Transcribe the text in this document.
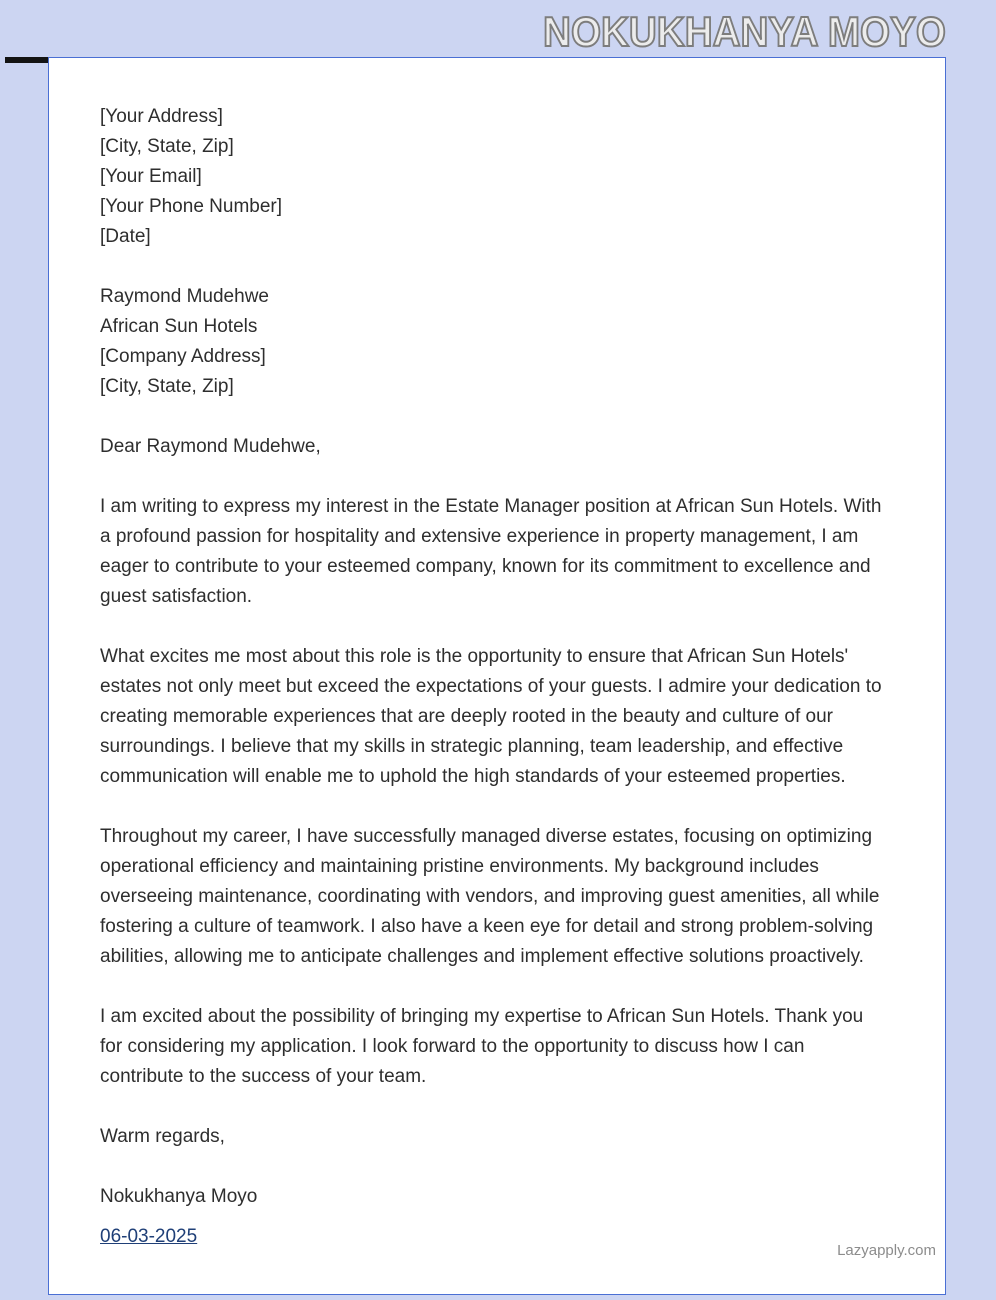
NOKUKHANYA MOYO
[Your Address]
[City, State, Zip]
[Your Email]
[Your Phone Number]
[Date]
Raymond Mudehwe
African Sun Hotels
[Company Address]
[City, State, Zip]
Dear Raymond Mudehwe,

I am writing to express my interest in the Estate Manager position at African Sun Hotels. With a profound passion for hospitality and extensive experience in property management, I am eager to contribute to your esteemed company, known for its commitment to excellence and guest satisfaction.

What excites me most about this role is the opportunity to ensure that African Sun Hotels' estates not only meet but exceed the expectations of your guests. I admire your dedication to creating memorable experiences that are deeply rooted in the beauty and culture of our surroundings. I believe that my skills in strategic planning, team leadership, and effective communication will enable me to uphold the high standards of your esteemed properties.

Throughout my career, I have successfully managed diverse estates, focusing on optimizing operational efficiency and maintaining pristine environments. My background includes overseeing maintenance, coordinating with vendors, and improving guest amenities, all while fostering a culture of teamwork. I also have a keen eye for detail and strong problem-solving abilities, allowing me to anticipate challenges and implement effective solutions proactively.

I am excited about the possibility of bringing my expertise to African Sun Hotels. Thank you for considering my application. I look forward to the opportunity to discuss how I can contribute to the success of your team.

Warm regards,
Nokukhanya Moyo
06-03-2025
Lazyapply.com
